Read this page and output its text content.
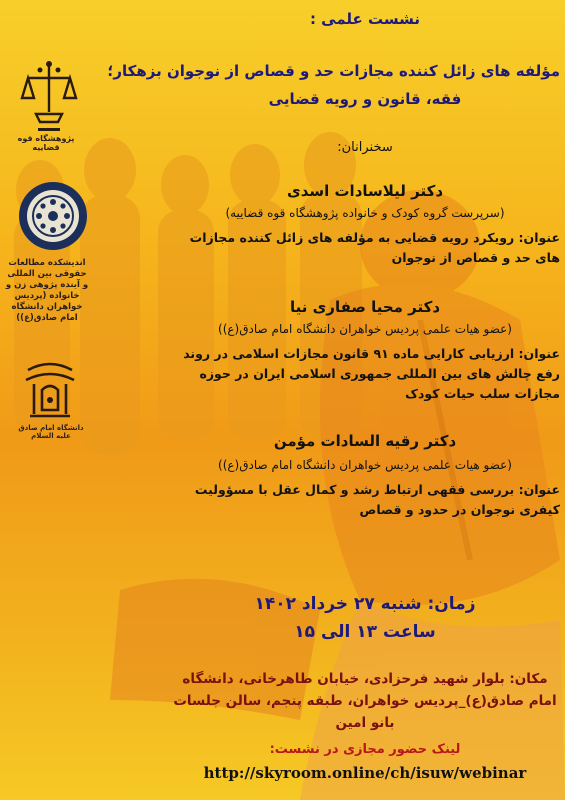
پژوهشگاه قوه قضاییه
اندیشکده مطالعات حقوقی بین المللی و آینده پژوهی زن و خانواده (پردیس خواهران دانشگاه امام صادق(ع))
دانشگاه امام صادق علیه السلام
نشست علمی :
مؤلفه های زائل کننده مجازات حد و قصاص از نوجوان بزهکار؛
فقه، قانون و رویه قضایی
سخنرانان:
دکتر لیلاسادات اسدی
(سرپرست گروه کودک و خانواده پژوهشگاه قوه قضاییه)
عنوان: رویکرد رویه قضایی به مؤلفه های زائل کننده مجازات های حد و قصاص از نوجوان
دکتر محیا صفاری نیا
(عضو هیات علمی پردیس خواهران دانشگاه امام صادق(ع))
عنوان: ارزیابی کارایی ماده ۹۱ قانون مجازات اسلامی در روند رفع چالش های بین المللی جمهوری اسلامی ایران در حوزه مجازات سلب حیات کودک
دکتر رقیه السادات مؤمن
(عضو هیات علمی پردیس خواهران دانشگاه امام صادق(ع))
عنوان: بررسی فقهی ارتباط رشد و کمال عقل با مسؤولیت کیفری نوجوان در حدود و قصاص
زمان: شنبه ۲۷ خرداد ۱۴۰۲
ساعت ۱۳ الی ۱۵
مکان: بلوار شهید فرحزادی، خیابان طاهرخانی، دانشگاه امام صادق(ع)_پردیس خواهران، طبقه پنجم، سالن جلسات بانو امین
لینک حضور مجازی در نشست:
http://skyroom.online/ch/isuw/webinar
